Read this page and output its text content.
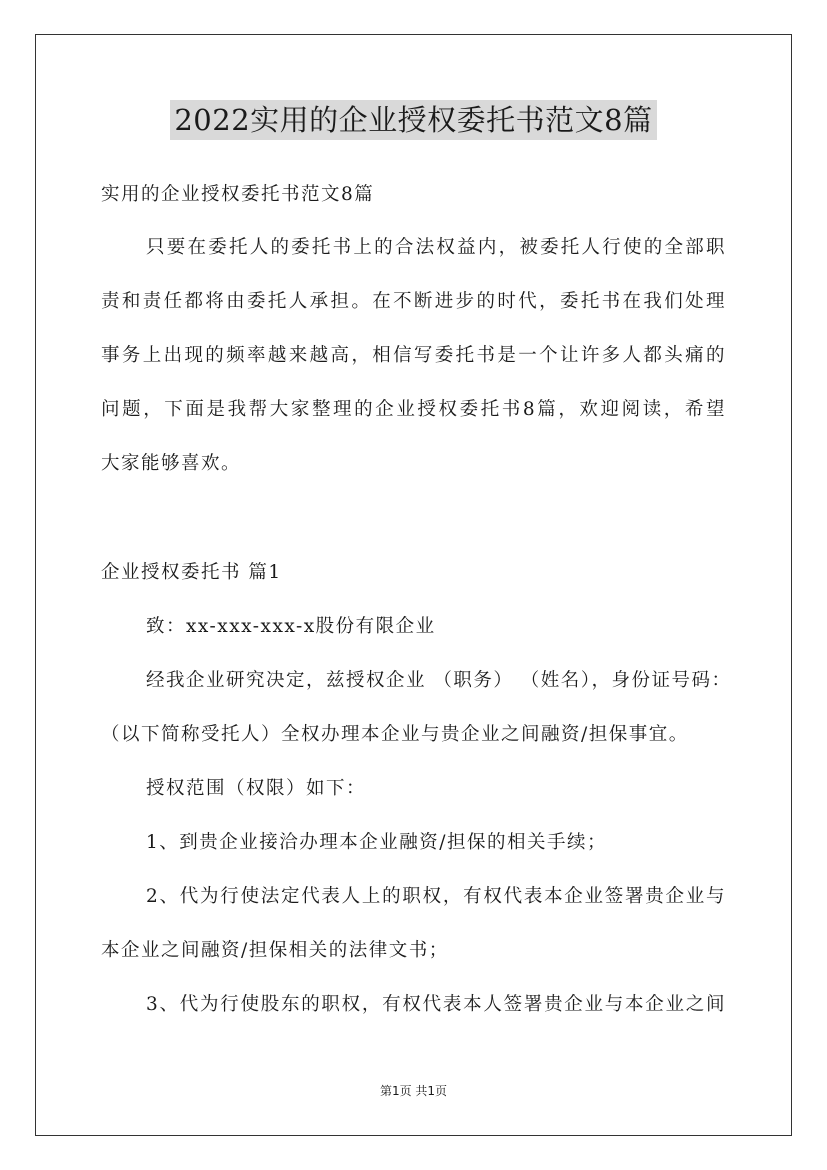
2022实用的企业授权委托书范文8篇
实用的企业授权委托书范文8篇
只要在委托人的委托书上的合法权益内，被委托人行使的全部职
责和责任都将由委托人承担。在不断进步的时代，委托书在我们处理
事务上出现的频率越来越高，相信写委托书是一个让许多人都头痛的
问题，下面是我帮大家整理的企业授权委托书8篇，欢迎阅读，希望
大家能够喜欢。
企业授权委托书 篇1
致：xx-xxx-xxx-x股份有限企业
经我企业研究决定，兹授权企业 （职务） （姓名），身份证号码：
（以下简称受托人）全权办理本企业与贵企业之间融资/担保事宜。
授权范围（权限）如下：
1、到贵企业接洽办理本企业融资/担保的相关手续；
2、代为行使法定代表人上的职权，有权代表本企业签署贵企业与
本企业之间融资/担保相关的法律文书；
3、代为行使股东的职权，有权代表本人签署贵企业与本企业之间
第1页 共1页
